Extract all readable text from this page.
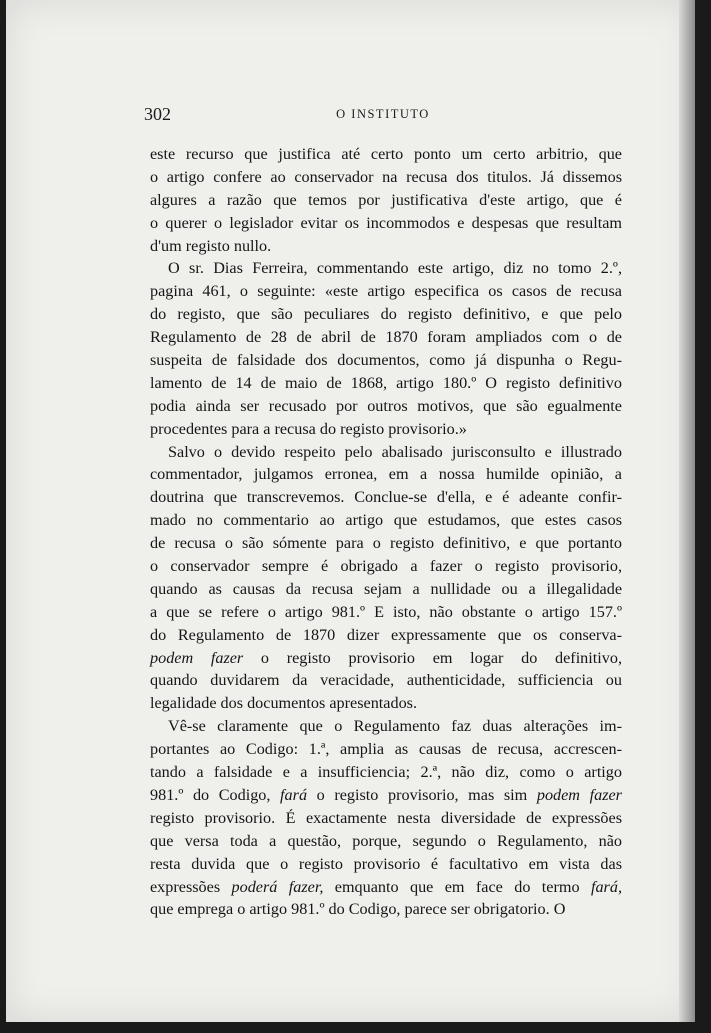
302	O INSTITUTO
este recurso que justifica até certo ponto um certo arbitrio, que
o artigo confere ao conservador na recusa dos titulos. Já dissemos
algures a razão que temos por justificativa d'este artigo, que é
o querer o legislador evitar os incommodos e despesas que resultam
d'um registo nullo.
O sr. Dias Ferreira, commentando este artigo, diz no tomo 2.º,
pagina 461, o seguinte: «este artigo especifica os casos de recusa
do registo, que são peculiares do registo definitivo, e que pelo
Regulamento de 28 de abril de 1870 foram ampliados com o de
suspeita de falsidade dos documentos, como já dispunha o Regu-
lamento de 14 de maio de 1868, artigo 180.º O registo definitivo
podia ainda ser recusado por outros motivos, que são egualmente
procedentes para a recusa do registo provisorio.»
Salvo o devido respeito pelo abalisado jurisconsulto e illustrado
commentador, julgamos erronea, em a nossa humilde opinião, a
doutrina que transcrevemos. Conclue-se d'ella, e é adeante confir-
mado no commentario ao artigo que estudamos, que estes casos
de recusa o são sómente para o registo definitivo, e que portanto
o conservador sempre é obrigado a fazer o registo provisorio,
quando as causas da recusa sejam a nullidade ou a illegalidade
a que se refere o artigo 981.º E isto, não obstante o artigo 157.º
do Regulamento de 1870 dizer expressamente que os conserva-
podem fazer o registo provisorio em logar do definitivo,
quando duvidarem da veracidade, authenticidade, sufficiencia ou
legalidade dos documentos apresentados.
Vê-se claramente que o Regulamento faz duas alterações im-
portantes ao Codigo: 1.ª, amplia as causas de recusa, accrescen-
tando a falsidade e a insufficiencia; 2.ª, não diz, como o artigo
981.º do Codigo, fará o registo provisorio, mas sim podem fazer
registo provisorio. É exactamente nesta diversidade de expressões
que versa toda a questão, porque, segundo o Regulamento, não
resta duvida que o registo provisorio é facultativo em vista das
expressões poderá fazer, emquanto que em face do termo fará,
que emprega o artigo 981.º do Codigo, parece ser obrigatorio. O
